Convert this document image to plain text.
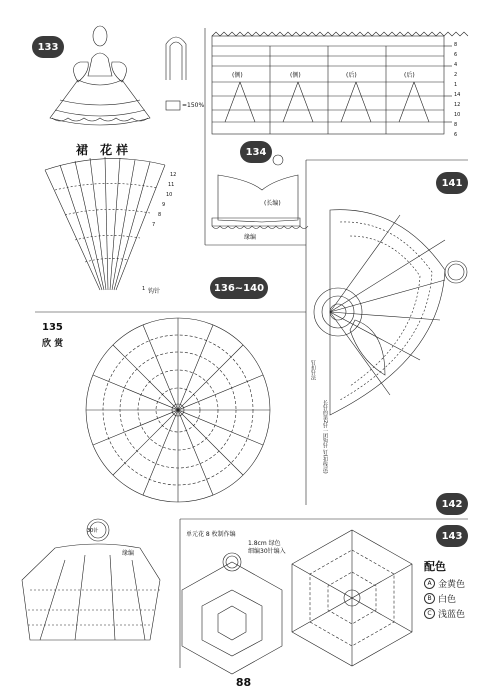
133
134
136~140
141
142
143
裙 花样
钩针
=150%
12
11
10
9
8
7
1
(侧)	(侧)	(后)	(后)
8
6
4
2
1
14
12
10
8
6
(长编)
缘编
长针的第2针一团钩针 钉(扣线法)
钉扣针法
135
欣 赏
30针
缘编
单元花 8 枚制作编
1.8cm 绿色
细编30针编入
配色
A 金黄色
B 白色
C 浅蓝色
88
